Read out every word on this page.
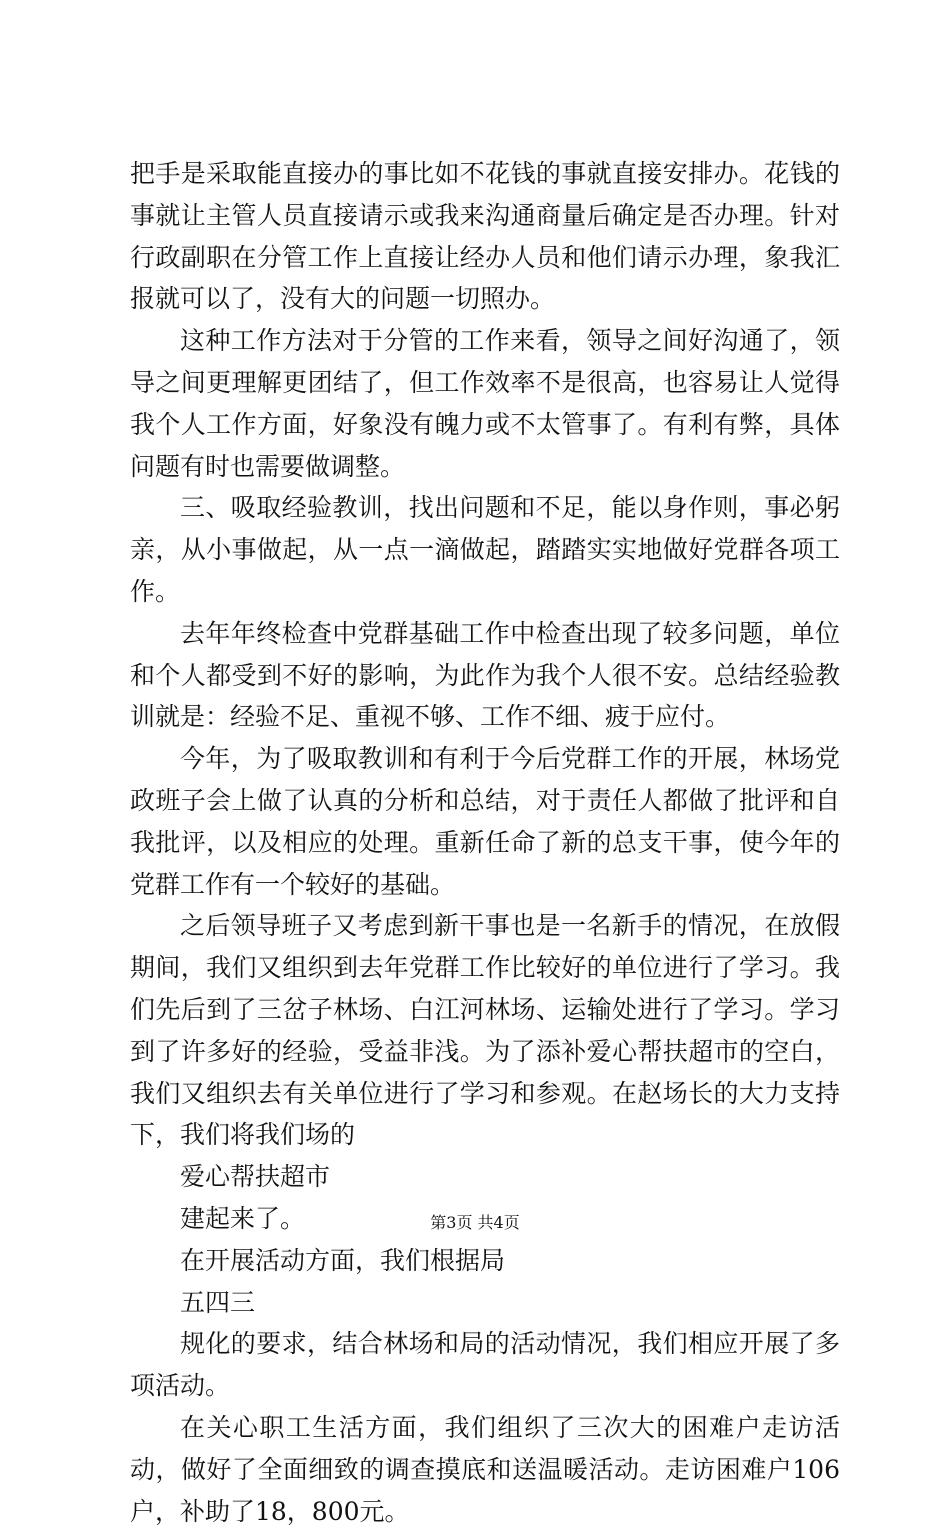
把手是采取能直接办的事比如不花钱的事就直接安排办。花钱的事就让主管人员直接请示或我来沟通商量后确定是否办理。针对行政副职在分管工作上直接让经办人员和他们请示办理，象我汇报就可以了，没有大的问题一切照办。

这种工作方法对于分管的工作来看，领导之间好沟通了，领导之间更理解更团结了，但工作效率不是很高，也容易让人觉得我个人工作方面，好象没有魄力或不太管事了。有利有弊，具体问题有时也需要做调整。

三、吸取经验教训，找出问题和不足，能以身作则，事必躬亲，从小事做起，从一点一滴做起，踏踏实实地做好党群各项工作。

去年年终检查中党群基础工作中检查出现了较多问题，单位和个人都受到不好的影响，为此作为我个人很不安。总结经验教训就是：经验不足、重视不够、工作不细、疲于应付。

今年，为了吸取教训和有利于今后党群工作的开展，林场党政班子会上做了认真的分析和总结，对于责任人都做了批评和自我批评，以及相应的处理。重新任命了新的总支干事，使今年的党群工作有一个较好的基础。

之后领导班子又考虑到新干事也是一名新手的情况，在放假期间，我们又组织到去年党群工作比较好的单位进行了学习。我们先后到了三岔子林场、白江河林场、运输处进行了学习。学习到了许多好的经验，受益非浅。为了添补爱心帮扶超市的空白，我们又组织去有关单位进行了学习和参观。在赵场长的大力支持下，我们将我们场的

爱心帮扶超市

建起来了。

在开展活动方面，我们根据局

五四三

规化的要求，结合林场和局的活动情况，我们相应开展了多项活动。

在关心职工生活方面，我们组织了三次大的困难户走访活动，做好了全面细致的调查摸底和送温暖活动。走访困难户106户，补助了18，800元。

第3页 共4页
